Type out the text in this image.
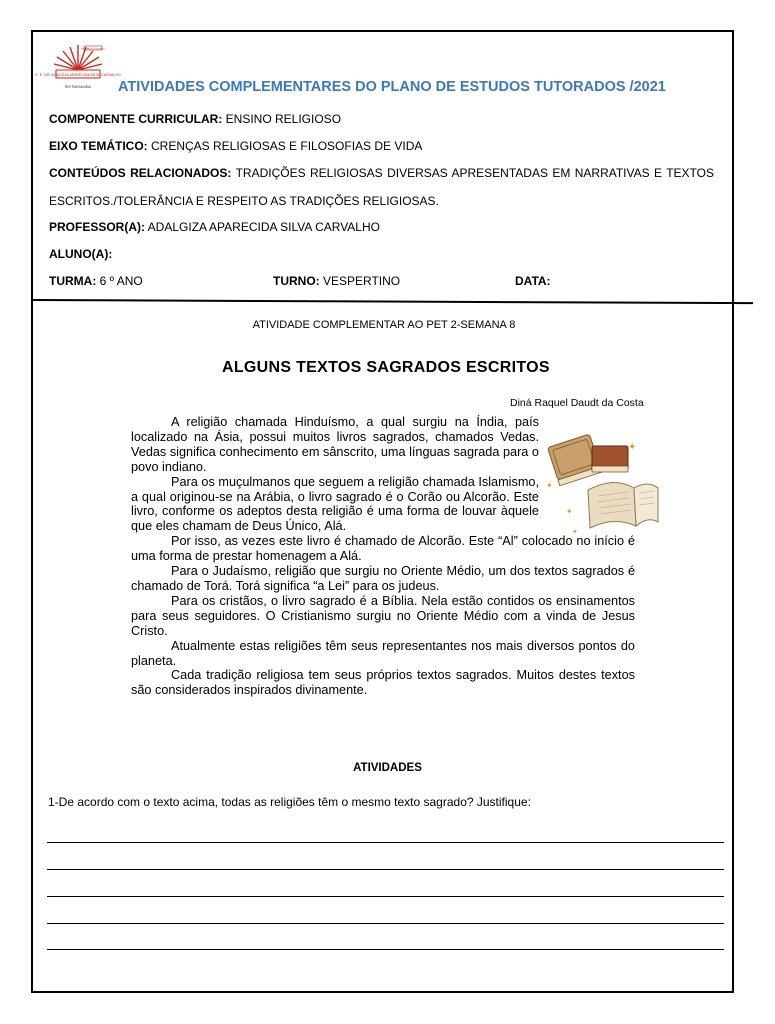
E. E. DR. ADALGIZA APARECIDA SILVA CARVALHO
RIO PARANAÍBA
GOVERNO DO ESTADO
ATIVIDADES COMPLEMENTARES DO PLANO DE ESTUDOS TUTORADOS /2021
COMPONENTE CURRICULAR: ENSINO RELIGIOSO
EIXO TEMÁTICO: CRENÇAS RELIGIOSAS E FILOSOFIAS DE VIDA
CONTEÚDOS RELACIONADOS: TRADIÇÕES RELIGIOSAS DIVERSAS APRESENTADAS EM NARRATIVAS E TEXTOS ESCRITOS./TOLERÂNCIA E RESPEITO AS TRADIÇÕES RELIGIOSAS.
PROFESSOR(A): ADALGIZA APARECIDA SILVA CARVALHO
ALUNO(A):
TURMA: 6 º ANO	TURNO: VESPERTINO	DATA:
ATIVIDADE COMPLEMENTAR AO PET 2-SEMANA 8
ALGUNS TEXTOS SAGRADOS ESCRITOS
Diná Raquel Daudt da Costa

A religião chamada Hinduísmo, a qual surgiu na Índia, país localizado na Ásia, possui muitos livros sagrados, chamados Vedas. Vedas significa conhecimento em sânscrito, uma línguas sagrada para o povo indiano.

Para os muçulmanos que seguem a religião chamada Islamismo, a qual originou-se na Arábia, o livro sagrado é o Corão ou Alcorão. Este livro, conforme os adeptos desta religião é uma forma de louvar àquele que eles chamam de Deus Único, Alá.

Por isso, as vezes este livro é chamado de Alcorão. Este “Al” colocado no início é uma forma de prestar homenagem a Alá.

Para o Judaísmo, religião que surgiu no Oriente Médio, um dos textos sagrados é chamado de Torá. Torá significa “a Lei” para os judeus.

Para os cristãos, o livro sagrado é a Bíblia. Nela estão contidos os ensinamentos para seus seguidores. O Cristianismo surgiu no Oriente Médio com a vinda de Jesus Cristo.

Atualmente estas religiões têm seus representantes nos mais diversos pontos do planeta.

Cada tradição religiosa tem seus próprios textos sagrados. Muitos destes textos são considerados inspirados divinamente.

✦
✦
✦
✦
ATIVIDADES
1-De acordo com o texto acima, todas as religiões têm o mesmo texto sagrado? Justifique:
